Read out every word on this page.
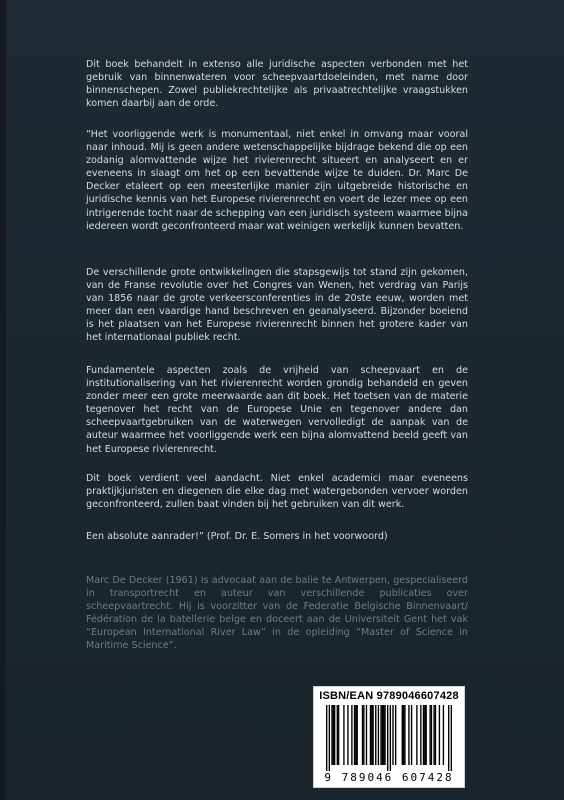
Dit boek behandelt in extenso alle juridische aspecten verbonden met het gebruik van binnenwateren voor scheepvaartdoeleinden, met name door binnenschepen. Zowel publiekrechtelijke als privaatrechtelijke vraagstukken komen daarbij aan de orde.

“Het voorliggende werk is monumentaal, niet enkel in omvang maar vooral naar inhoud. Mij is geen andere wetenschappelijke bijdrage bekend die op een zodanig alomvattende wijze het rivierenrecht situeert en analyseert en er eveneens in slaagt om het op een bevattende wijze te duiden. Dr. Marc De Decker etaleert op een meesterlijke manier zijn uitgebreide historische en juridische kennis van het Europese rivierenrecht en voert de lezer mee op een intrigerende tocht naar de schepping van een juridisch systeem waarmee bijna iedereen wordt geconfronteerd maar wat weinigen werkelijk kunnen bevatten.

De verschillende grote ontwikkelingen die stapsgewijs tot stand zijn gekomen, van de Franse revolutie over het Congres van Wenen, het verdrag van Parijs van 1856 naar de grote verkeersconferenties in de 20ste eeuw, worden met meer dan een vaardige hand beschreven en geanalyseerd. Bijzonder boeiend is het plaatsen van het Europese rivierenrecht binnen het grotere kader van het internationaal publiek recht.

Fundamentele aspecten zoals de vrijheid van scheepvaart en de institutionalisering van het rivierenrecht worden grondig behandeld en geven zonder meer een grote meerwaarde aan dit boek. Het toetsen van de materie tegenover het recht van de Europese Unie en tegenover andere dan scheepvaartgebruiken van de waterwegen vervolledigt de aanpak van de auteur waarmee het voorliggende werk een bijna alomvattend beeld geeft van het Europese rivierenrecht.

Dit boek verdient veel aandacht. Niet enkel academici maar eveneens praktijkjuristen en diegenen die elke dag met watergebonden vervoer worden geconfronteerd, zullen baat vinden bij het gebruiken van dit werk.

Een absolute aanrader!” (Prof. Dr. E. Somers in het voorwoord)

Marc De Decker (1961) is advocaat aan de balie te Antwerpen, gespecialiseerd in transportrecht en auteur van verschillende publicaties over scheepvaartrecht. Hij is voorzitter van de Federatie Belgische Binnenvaart/ Fédération de la batellerie belge en doceert aan de Universiteit Gent het vak “European International River Law” in de opleiding “Master of Science in Maritime Science”.

ISBN/EAN 9789046607428
9 789046 607428
